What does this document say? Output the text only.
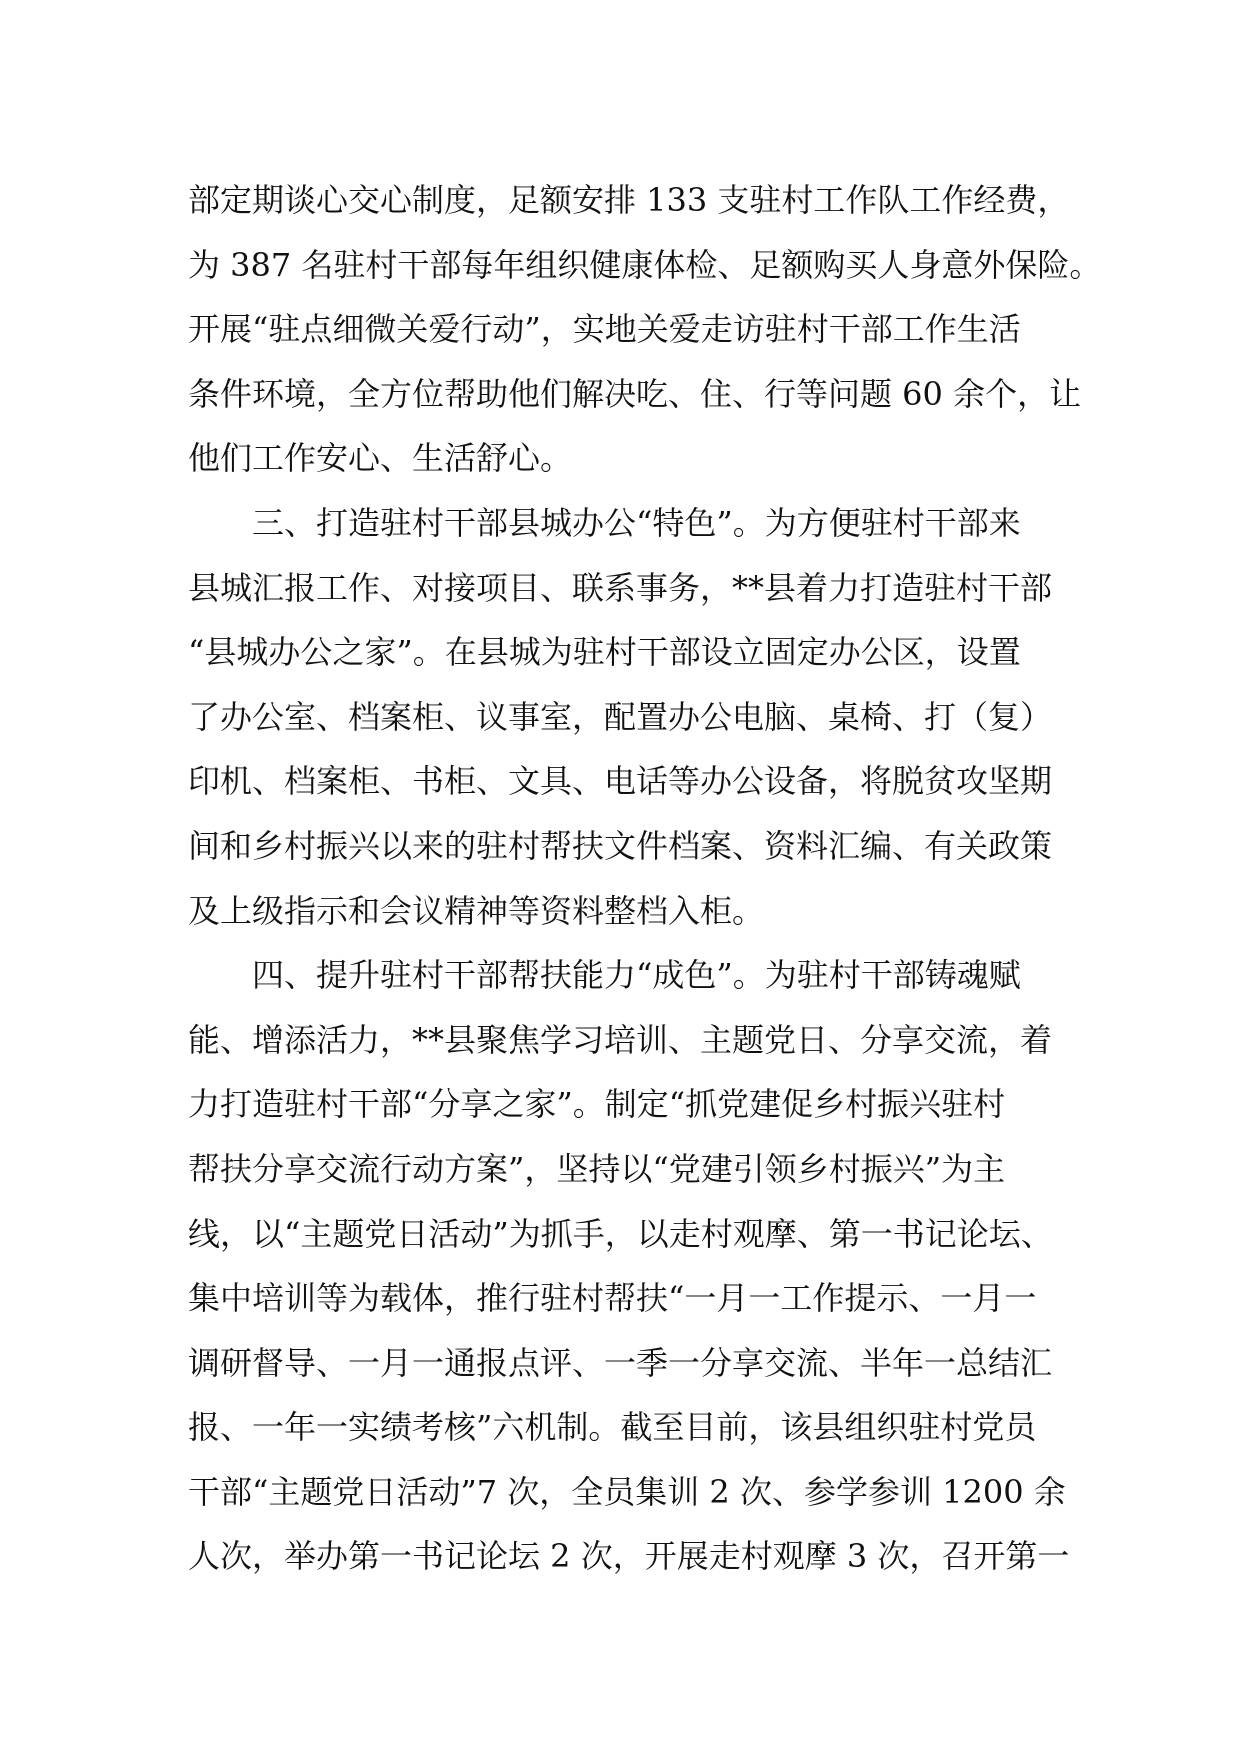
部定期谈心交心制度，足额安排 133 支驻村工作队工作经费，
为 387 名驻村干部每年组织健康体检、足额购买人身意外保险。
开展“驻点细微关爱行动”，实地关爱走访驻村干部工作生活
条件环境，全方位帮助他们解决吃、住、行等问题 60 余个，让
他们工作安心、生活舒心。
三、打造驻村干部县城办公“特色”。为方便驻村干部来
县城汇报工作、对接项目、联系事务，**县着力打造驻村干部
“县城办公之家”。在县城为驻村干部设立固定办公区，设置
了办公室、档案柜、议事室，配置办公电脑、桌椅、打（复）
印机、档案柜、书柜、文具、电话等办公设备，将脱贫攻坚期
间和乡村振兴以来的驻村帮扶文件档案、资料汇编、有关政策
及上级指示和会议精神等资料整档入柜。
四、提升驻村干部帮扶能力“成色”。为驻村干部铸魂赋
能、增添活力，**县聚焦学习培训、主题党日、分享交流，着
力打造驻村干部“分享之家”。制定“抓党建促乡村振兴驻村
帮扶分享交流行动方案”，坚持以“党建引领乡村振兴”为主
线，以“主题党日活动”为抓手，以走村观摩、第一书记论坛、
集中培训等为载体，推行驻村帮扶“一月一工作提示、一月一
调研督导、一月一通报点评、一季一分享交流、半年一总结汇
报、一年一实绩考核”六机制。截至目前，该县组织驻村党员
干部“主题党日活动”7 次，全员集训 2 次、参学参训 1200 余
人次，举办第一书记论坛 2 次，开展走村观摩 3 次，召开第一
